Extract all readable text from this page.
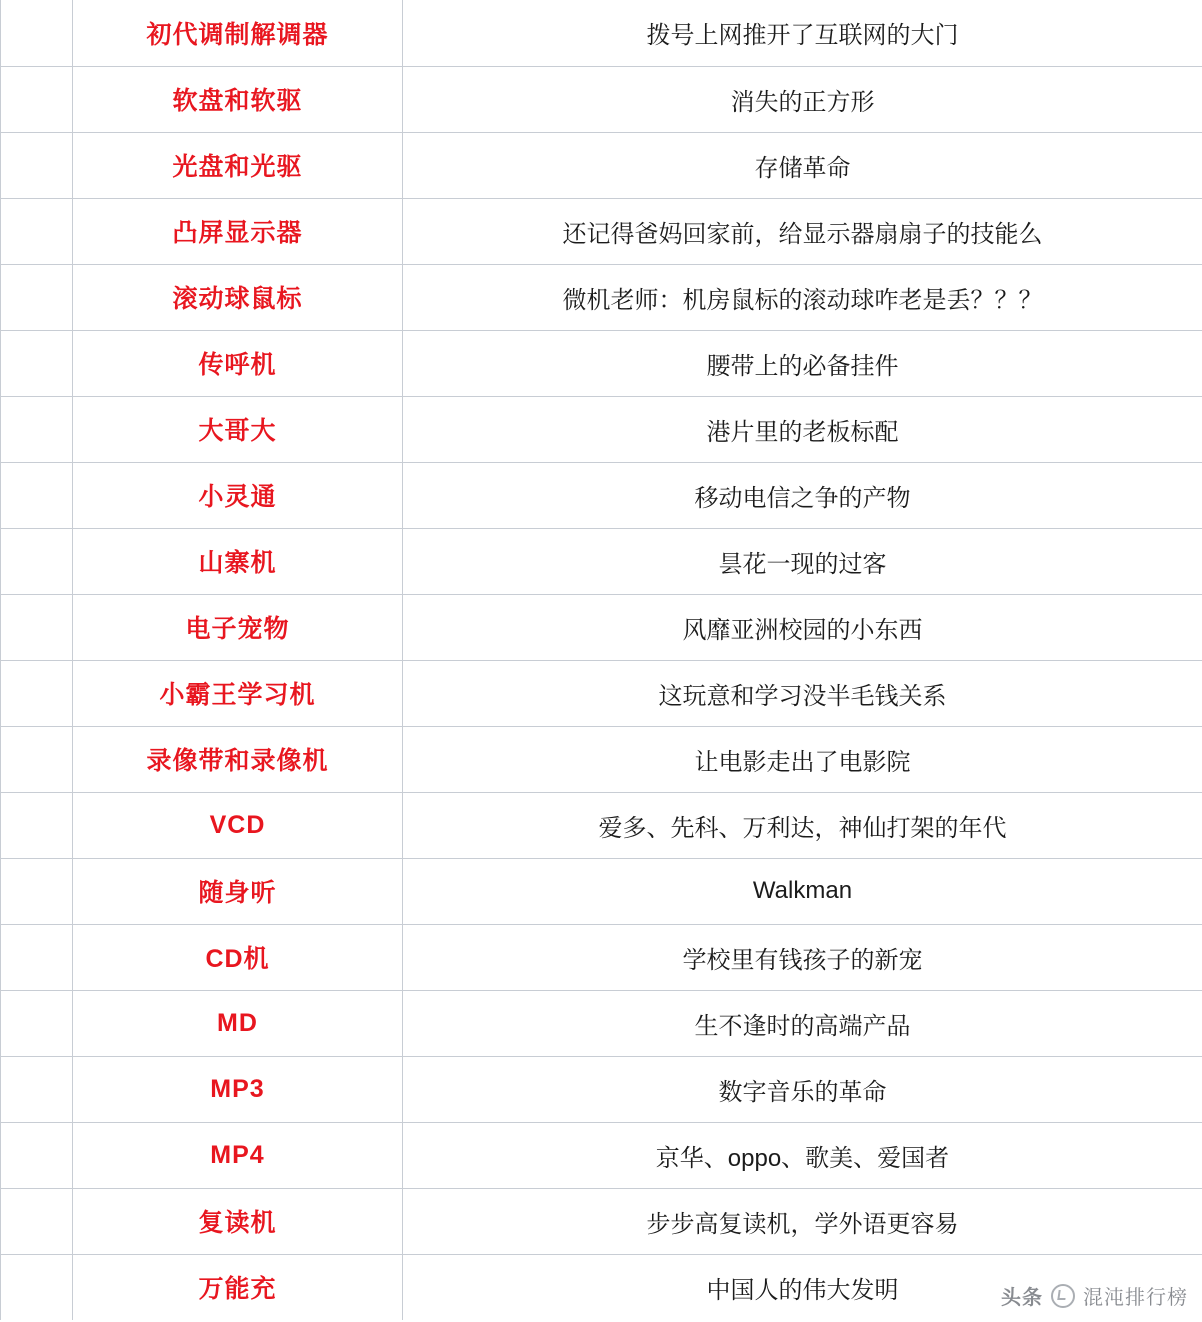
	初代调制解调器	拨号上网推开了互联网的大门
	软盘和软驱	消失的正方形
	光盘和光驱	存储革命
	凸屏显示器	还记得爸妈回家前，给显示器扇扇子的技能么
	滚动球鼠标	微机老师：机房鼠标的滚动球咋老是丢？？？
	传呼机	腰带上的必备挂件
	大哥大	港片里的老板标配
	小灵通	移动电信之争的产物
	山寨机	昙花一现的过客
	电子宠物	风靡亚洲校园的小东西
	小霸王学习机	这玩意和学习没半毛钱关系
	录像带和录像机	让电影走出了电影院
	VCD	爱多、先科、万利达，神仙打架的年代
	随身听	Walkman
	CD机	学校里有钱孩子的新宠
	MD	生不逢时的高端产品
	MP3	数字音乐的革命
	MP4	京华、oppo、歌美、爱国者
	复读机	步步高复读机，学外语更容易
	万能充	中国人的伟大发明	头条 混沌排行榜
